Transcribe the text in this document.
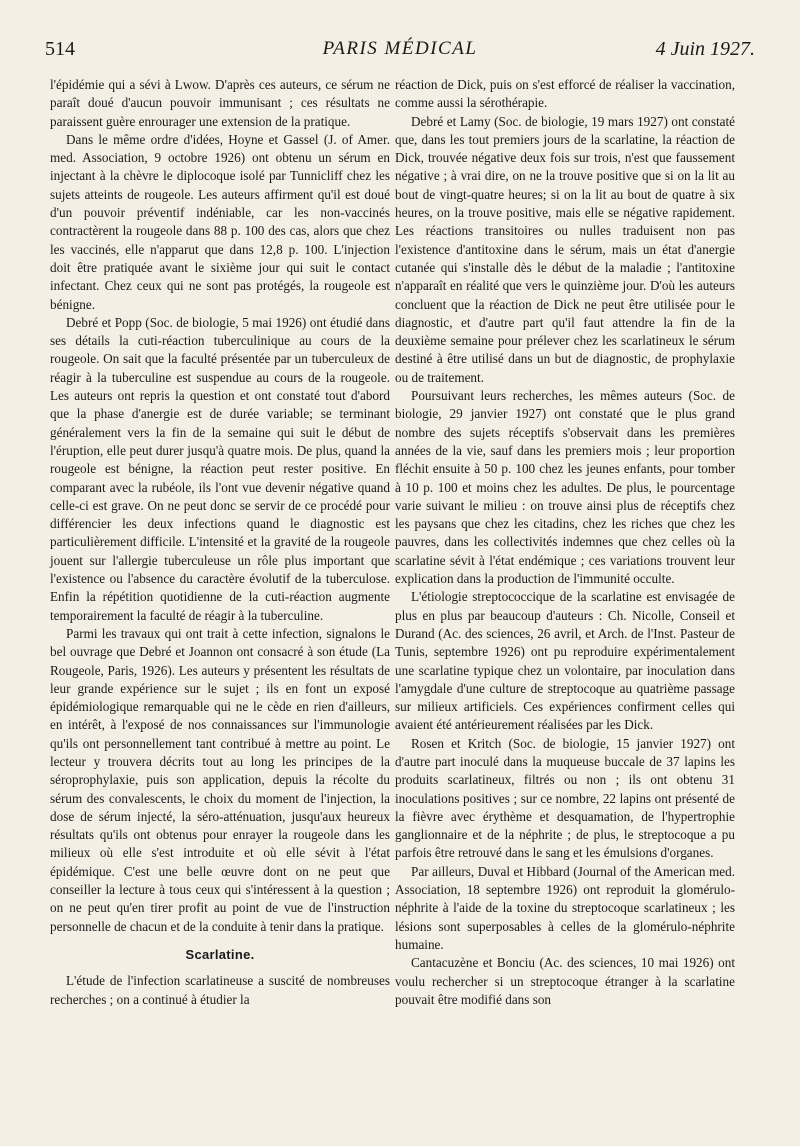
514	PARIS MÉDICAL	4 Juin 1927.

l'épidémie qui a sévi à Lwow. D'après ces auteurs, ce sérum ne paraît doué d'aucun pouvoir immunisant ; ces résultats ne paraissent guère enrourager une extension de la pratique.

Dans le même ordre d'idées, Hoyne et Gassel (J. of Amer. med. Association, 9 octobre 1926) ont obtenu un sérum en injectant à la chèvre le diplocoque isolé par Tunnicliff chez les sujets atteints de rougeole. Les auteurs affirment qu'il est doué d'un pouvoir préventif indéniable, car les non-vaccinés contractèrent la rougeole dans 88 p. 100 des cas, alors que chez les vaccinés, elle n'apparut que dans 12,8 p. 100. L'injection doit être pratiquée avant le sixième jour qui suit le contact infectant. Chez ceux qui ne sont pas protégés, la rougeole est bénigne.

Debré et Popp (Soc. de biologie, 5 mai 1926) ont étudié dans ses détails la cuti-réaction tuberculinique au cours de la rougeole. On sait que la faculté présentée par un tuberculeux de réagir à la tuberculine est suspendue au cours de la rougeole. Les auteurs ont repris la question et ont constaté tout d'abord que la phase d'anergie est de durée variable; se terminant généralement vers la fin de la semaine qui suit le début de l'éruption, elle peut durer jusqu'à quatre mois. De plus, quand la rougeole est bénigne, la réaction peut rester positive. En comparant avec la rubéole, ils l'ont vue devenir négative quand celle-ci est grave. On ne peut donc se servir de ce procédé pour différencier les deux infections quand le diagnostic est particulièrement difficile. L'intensité et la gravité de la rougeole jouent sur l'allergie tuberculeuse un rôle plus important que l'existence ou l'absence du caractère évolutif de la tuberculose. Enfin la répétition quotidienne de la cuti-réaction augmente temporairement la faculté de réagir à la tuberculine.

Parmi les travaux qui ont trait à cette infection, signalons le bel ouvrage que Debré et Joannon ont consacré à son étude (La Rougeole, Paris, 1926). Les auteurs y présentent les résultats de leur grande expérience sur le sujet ; ils en font un exposé épidémiologique remarquable qui ne le cède en rien d'ailleurs, en intérêt, à l'exposé de nos connaissances sur l'immunologie qu'ils ont personnellement tant contribué à mettre au point. Le lecteur y trouvera décrits tout au long les principes de la séroprophylaxie, puis son application, depuis la récolte du sérum des convalescents, le choix du moment de l'injection, la dose de sérum injecté, la séro-atténuation, jusqu'aux heureux résultats qu'ils ont obtenus pour enrayer la rougeole dans les milieux où elle s'est introduite et où elle sévit à l'état épidémique. C'est une belle œuvre dont on ne peut que conseiller la lecture à tous ceux qui s'intéressent à la question ; on ne peut qu'en tirer profit au point de vue de l'instruction personnelle de chacun et de la conduite à tenir dans la pratique.

Scarlatine.

L'étude de l'infection scarlatineuse a suscité de nombreuses recherches ; on a continué à étudier la

réaction de Dick, puis on s'est efforcé de réaliser la vaccination, comme aussi la sérothérapie.

Debré et Lamy (Soc. de biologie, 19 mars 1927) ont constaté que, dans les tout premiers jours de la scarlatine, la réaction de Dick, trouvée négative deux fois sur trois, n'est que faussement négative ; à vrai dire, on ne la trouve positive que si on la lit au bout de vingt-quatre heures; si on la lit au bout de quatre à six heures, on la trouve positive, mais elle se négative rapidement. Les réactions transitoires ou nulles traduisent non pas l'existence d'antitoxine dans le sérum, mais un état d'anergie cutanée qui s'installe dès le début de la maladie ; l'antitoxine n'apparaît en réalité que vers le quinzième jour. D'où les auteurs concluent que la réaction de Dick ne peut être utilisée pour le diagnostic, et d'autre part qu'il faut attendre la fin de la deuxième semaine pour prélever chez les scarlatineux le sérum destiné à être utilisé dans un but de diagnostic, de prophylaxie ou de traitement.

Poursuivant leurs recherches, les mêmes auteurs (Soc. de biologie, 29 janvier 1927) ont constaté que le plus grand nombre des sujets réceptifs s'observait dans les premières années de la vie, sauf dans les premiers mois ; leur proportion fléchit ensuite à 50 p. 100 chez les jeunes enfants, pour tomber à 10 p. 100 et moins chez les adultes. De plus, le pourcentage varie suivant le milieu : on trouve ainsi plus de réceptifs chez les paysans que chez les citadins, chez les riches que chez les pauvres, dans les collectivités indemnes que chez celles où la scarlatine sévit à l'état endémique ; ces variations trouvent leur explication dans la production de l'immunité occulte.

L'étiologie streptococcique de la scarlatine est envisagée de plus en plus par beaucoup d'auteurs : Ch. Nicolle, Conseil et Durand (Ac. des sciences, 26 avril, et Arch. de l'Inst. Pasteur de Tunis, septembre 1926) ont pu reproduire expérimentalement une scarlatine typique chez un volontaire, par inoculation dans l'amygdale d'une culture de streptocoque au quatrième passage sur milieux artificiels. Ces expériences confirment celles qui avaient été antérieurement réalisées par les Dick.

Rosen et Kritch (Soc. de biologie, 15 janvier 1927) ont d'autre part inoculé dans la muqueuse buccale de 37 lapins les produits scarlatineux, filtrés ou non ; ils ont obtenu 31 inoculations positives ; sur ce nombre, 22 lapins ont présenté de la fièvre avec érythème et desquamation, de l'hypertrophie ganglionnaire et de la néphrite ; de plus, le streptocoque a pu parfois être retrouvé dans le sang et les émulsions d'organes.

Par ailleurs, Duval et Hibbard (Journal of the American med. Association, 18 septembre 1926) ont reproduit la glomérulo-néphrite à l'aide de la toxine du streptocoque scarlatineux ; les lésions sont superposables à celles de la glomérulo-néphrite humaine.

Cantacuzène et Bonciu (Ac. des sciences, 10 mai 1926) ont voulu rechercher si un streptocoque étranger à la scarlatine pouvait être modifié dans son
